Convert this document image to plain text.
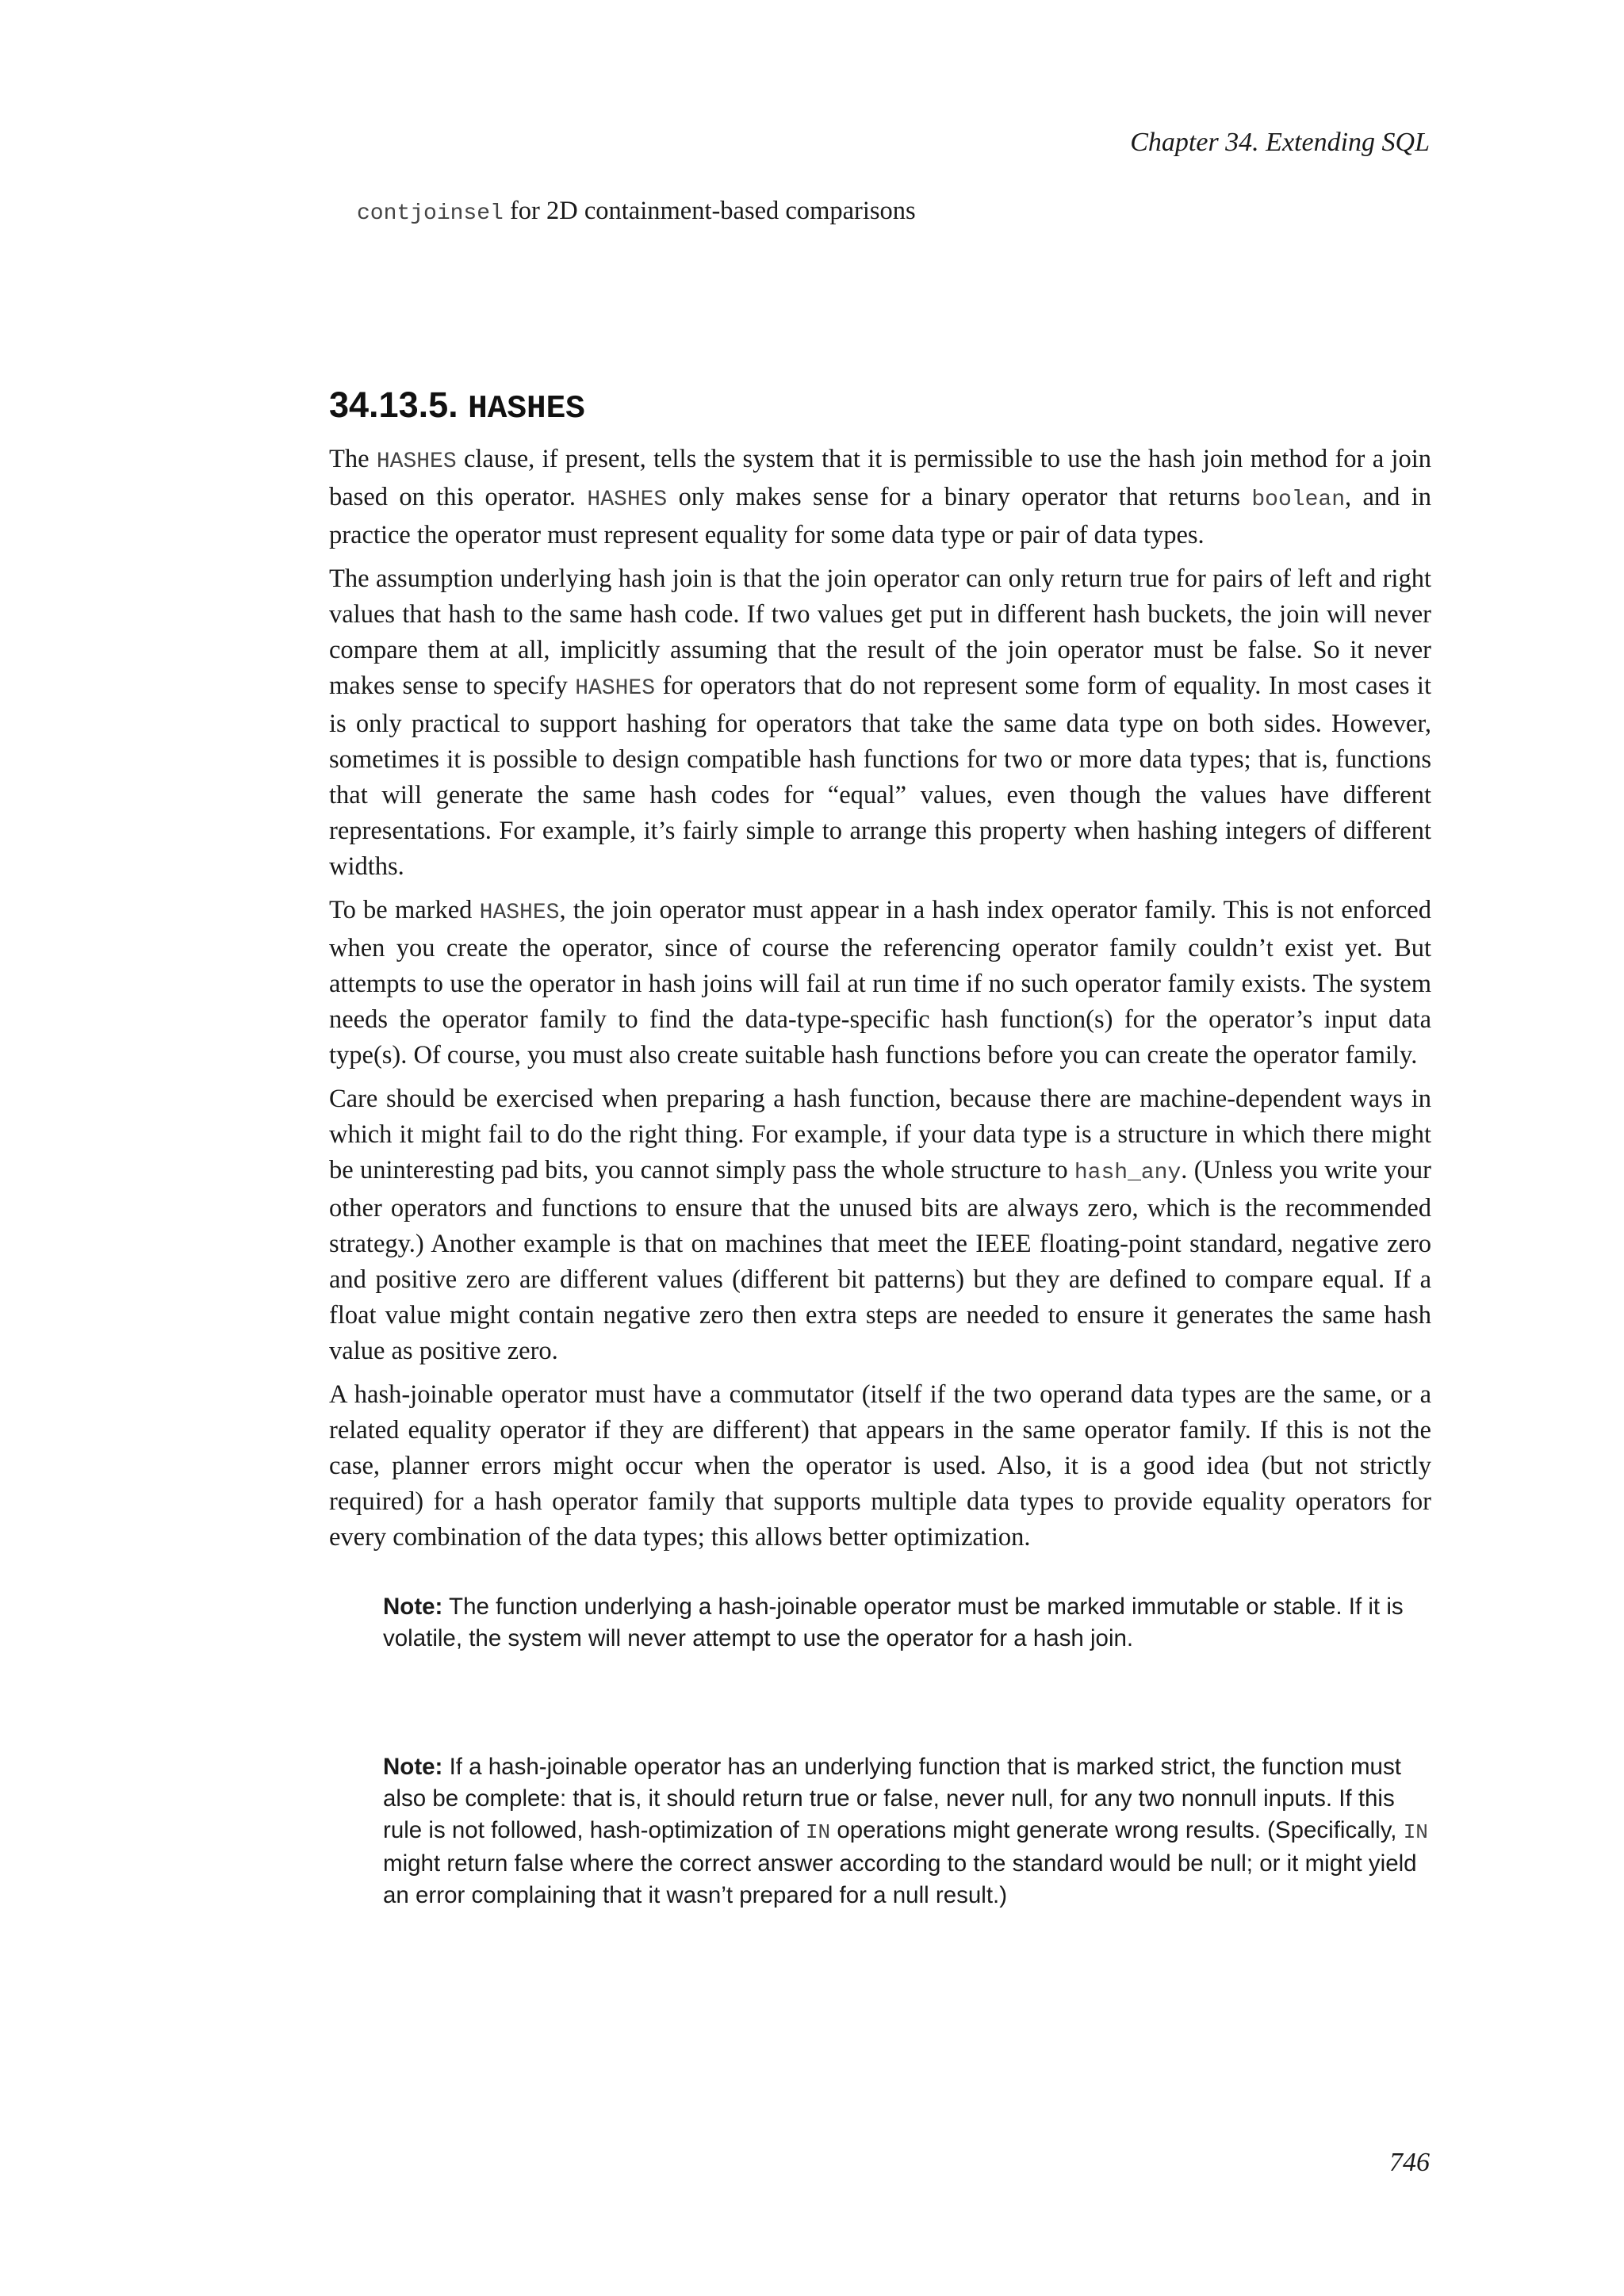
Chapter 34. Extending SQL
contjoinsel for 2D containment-based comparisons
34.13.5. HASHES

The HASHES clause, if present, tells the system that it is permissible to use the hash join method for a join based on this operator. HASHES only makes sense for a binary operator that returns boolean, and in practice the operator must represent equality for some data type or pair of data types.

The assumption underlying hash join is that the join operator can only return true for pairs of left and right values that hash to the same hash code. If two values get put in different hash buckets, the join will never compare them at all, implicitly assuming that the result of the join operator must be false. So it never makes sense to specify HASHES for operators that do not represent some form of equality. In most cases it is only practical to support hashing for operators that take the same data type on both sides. However, sometimes it is possible to design compatible hash functions for two or more data types; that is, functions that will generate the same hash codes for “equal” values, even though the values have different representations. For example, it’s fairly simple to arrange this property when hashing integers of different widths.

To be marked HASHES, the join operator must appear in a hash index operator family. This is not enforced when you create the operator, since of course the referencing operator family couldn’t exist yet. But attempts to use the operator in hash joins will fail at run time if no such operator family exists. The system needs the operator family to find the data-type-specific hash function(s) for the operator’s input data type(s). Of course, you must also create suitable hash functions before you can create the operator family.

Care should be exercised when preparing a hash function, because there are machine-dependent ways in which it might fail to do the right thing. For example, if your data type is a structure in which there might be uninteresting pad bits, you cannot simply pass the whole structure to hash_any. (Unless you write your other operators and functions to ensure that the unused bits are always zero, which is the recommended strategy.) Another example is that on machines that meet the IEEE floating-point standard, negative zero and positive zero are different values (different bit patterns) but they are defined to compare equal. If a float value might contain negative zero then extra steps are needed to ensure it generates the same hash value as positive zero.

A hash-joinable operator must have a commutator (itself if the two operand data types are the same, or a related equality operator if they are different) that appears in the same operator family. If this is not the case, planner errors might occur when the operator is used. Also, it is a good idea (but not strictly required) for a hash operator family that supports multiple data types to provide equality operators for every combination of the data types; this allows better optimization.

Note: The function underlying a hash-joinable operator must be marked immutable or stable. If it is volatile, the system will never attempt to use the operator for a hash join.
Note: If a hash-joinable operator has an underlying function that is marked strict, the function must also be complete: that is, it should return true or false, never null, for any two nonnull inputs. If this rule is not followed, hash-optimization of IN operations might generate wrong results. (Specifically, IN might return false where the correct answer according to the standard would be null; or it might yield an error complaining that it wasn’t prepared for a null result.)
746
